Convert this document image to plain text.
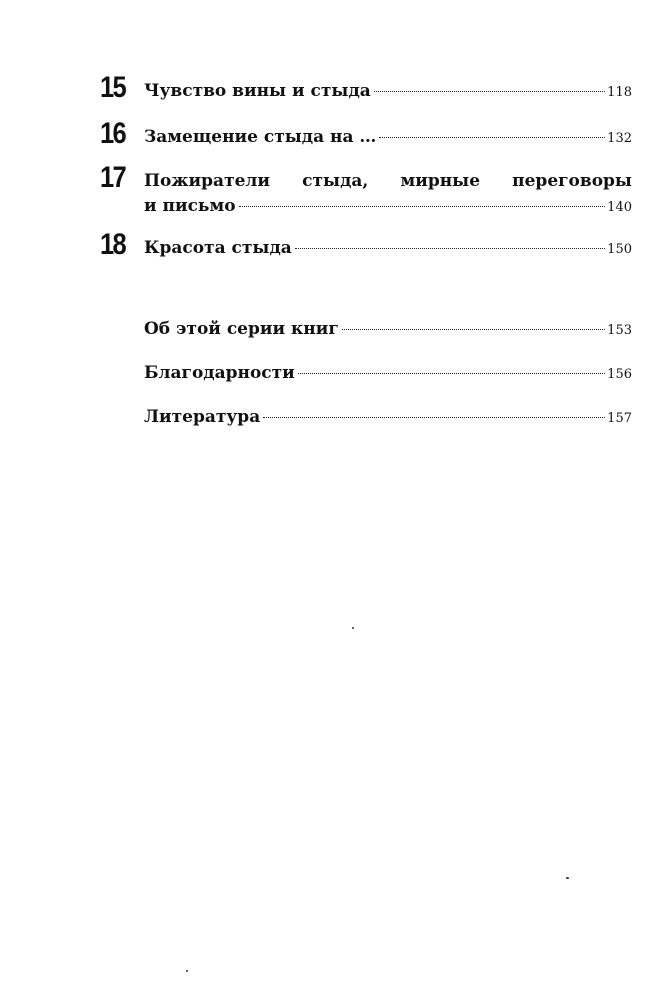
15 Чувство вины и стыда	118
16 Замещение стыда на …	132
17 Пожиратели стыда, мирные переговоры
и письмо	140
18 Красота стыда	150
Об этой серии книг	153
Благодарности	156
Литература	157
